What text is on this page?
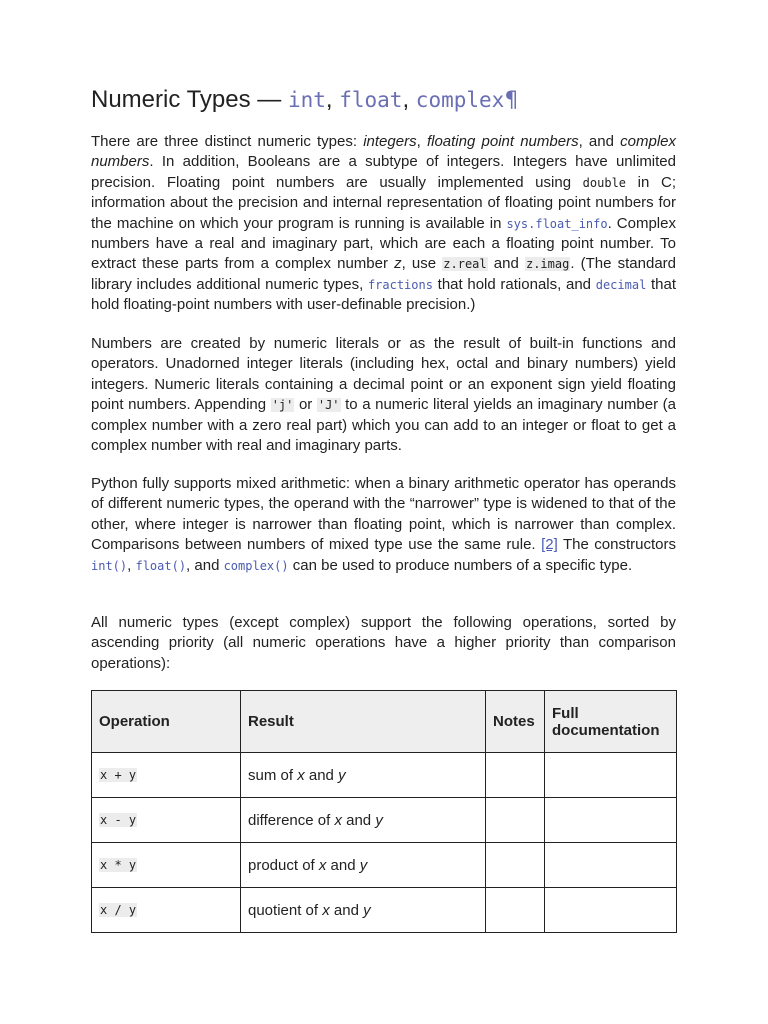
Numeric Types — int, float, complex¶

There are three distinct numeric types: integers, floating point numbers, and complex numbers. In addition, Booleans are a subtype of integers. Integers have unlimited precision. Floating point numbers are usually implemented using double in C; information about the precision and internal representation of floating point numbers for the machine on which your program is running is available in sys.float_info. Complex numbers have a real and imaginary part, which are each a floating point number. To extract these parts from a complex number z, use z.real and z.imag. (The standard library includes additional numeric types, fractions that hold rationals, and decimal that hold floating-point numbers with user-definable precision.)

Numbers are created by numeric literals or as the result of built-in functions and operators. Unadorned integer literals (including hex, octal and binary numbers) yield integers. Numeric literals containing a decimal point or an exponent sign yield floating point numbers. Appending 'j' or 'J' to a numeric literal yields an imaginary number (a complex number with a zero real part) which you can add to an integer or float to get a complex number with real and imaginary parts.

Python fully supports mixed arithmetic: when a binary arithmetic operator has operands of different numeric types, the operand with the “narrower” type is widened to that of the other, where integer is narrower than floating point, which is narrower than complex. Comparisons between numbers of mixed type use the same rule. [2] The constructors int(), float(), and complex() can be used to produce numbers of a specific type.

All numeric types (except complex) support the following operations, sorted by ascending priority (all numeric operations have a higher priority than comparison operations):

Operation	Result	Notes	Full
documentation
x + y	sum of x and y		
x - y	difference of x and y		
x * y	product of x and y		
x / y	quotient of x and y		
